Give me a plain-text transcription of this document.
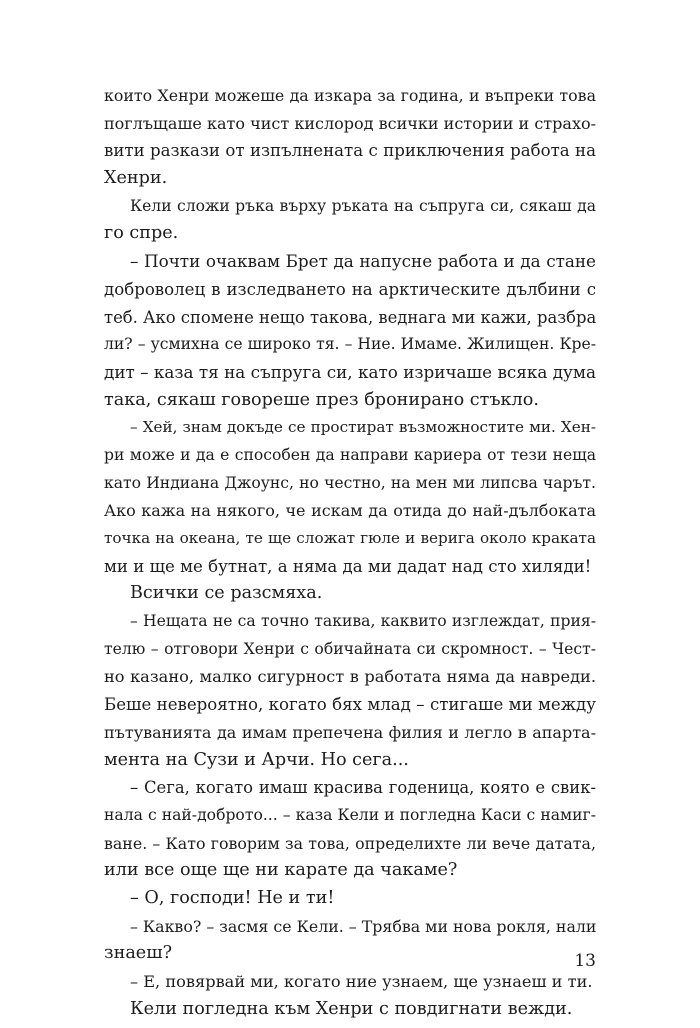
които Хенри можеше да изкара за година, и въпреки това
поглъщаше като чист кислород всички истории и страхо-
вити разкази от изпълнената с приключения работа на
Хенри.
Кели сложи ръка върху ръката на съпруга си, сякаш да
го спре.
– Почти очаквам Брет да напусне работа и да стане
доброволец в изследването на арктическите дълбини с
теб. Ако спомене нещо такова, веднага ми кажи, разбра
ли? – усмихна се широко тя. – Ние. Имаме. Жилищен. Кре-
дит – каза тя на съпруга си, като изричаше всяка дума
така, сякаш говореше през бронирано стъкло.
– Хей, знам докъде се простират възможностите ми. Хен-
ри може и да е способен да направи кариера от тези неща
като Индиана Джоунс, но честно, на мен ми липсва чарът.
Ако кажа на някого, че искам да отида до най-дълбоката
точка на океана, те ще сложат гюле и верига около краката
ми и ще ме бутнат, а няма да ми дадат над сто хиляди!
Всички се разсмяха.
– Нещата не са точно такива, каквито изглеждат, прия-
телю – отговори Хенри с обичайната си скромност. – Чест-
но казано, малко сигурност в работата няма да навреди.
Беше невероятно, когато бях млад – стигаше ми между
пътуванията да имам препечена филия и легло в апарта-
мента на Сузи и Арчи. Но сега...
– Сега, когато имаш красива годеница, която е свик-
нала с най-доброто... – каза Кели и погледна Каси с намиг-
ване. – Като говорим за това, определихте ли вече датата,
или все още ще ни карате да чакаме?
– О, господи! Не и ти!
– Какво? – засмя се Кели. – Трябва ми нова рокля, нали
знаеш?
– Е, повярвай ми, когато ние узнаем, ще узнаеш и ти.
Кели погледна към Хенри с повдигнати вежди.
13
